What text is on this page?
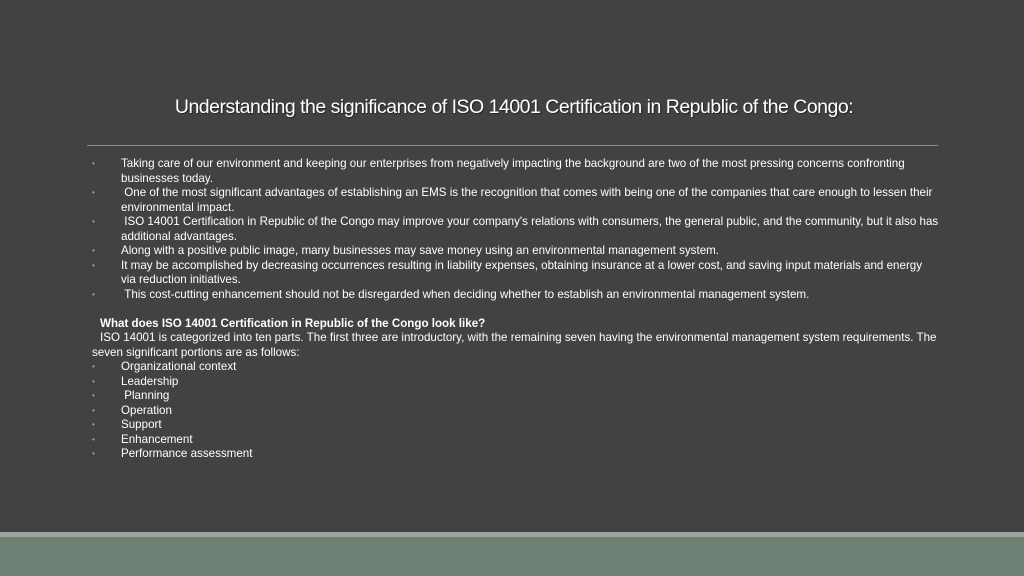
Understanding the significance of ISO 14001 Certification in Republic of the Congo:
• Taking care of our environment and keeping our enterprises from negatively impacting the background are two of the most pressing concerns confronting businesses today.
• One of the most significant advantages of establishing an EMS is the recognition that comes with being one of the companies that care enough to lessen their environmental impact.
• ISO 14001 Certification in Republic of the Congo may improve your company's relations with consumers, the general public, and the community, but it also has additional advantages.
• Along with a positive public image, many businesses may save money using an environmental management system.
• It may be accomplished by decreasing occurrences resulting in liability expenses, obtaining insurance at a lower cost, and saving input materials and energy via reduction initiatives.
• This cost-cutting enhancement should not be disregarded when deciding whether to establish an environmental management system.
What does ISO 14001 Certification in Republic of the Congo look like?
ISO 14001 is categorized into ten parts. The first three are introductory, with the remaining seven having the environmental management system requirements. The seven significant portions are as follows:
• Organizational context
• Leadership
• Planning
• Operation
• Support
• Enhancement
• Performance assessment
